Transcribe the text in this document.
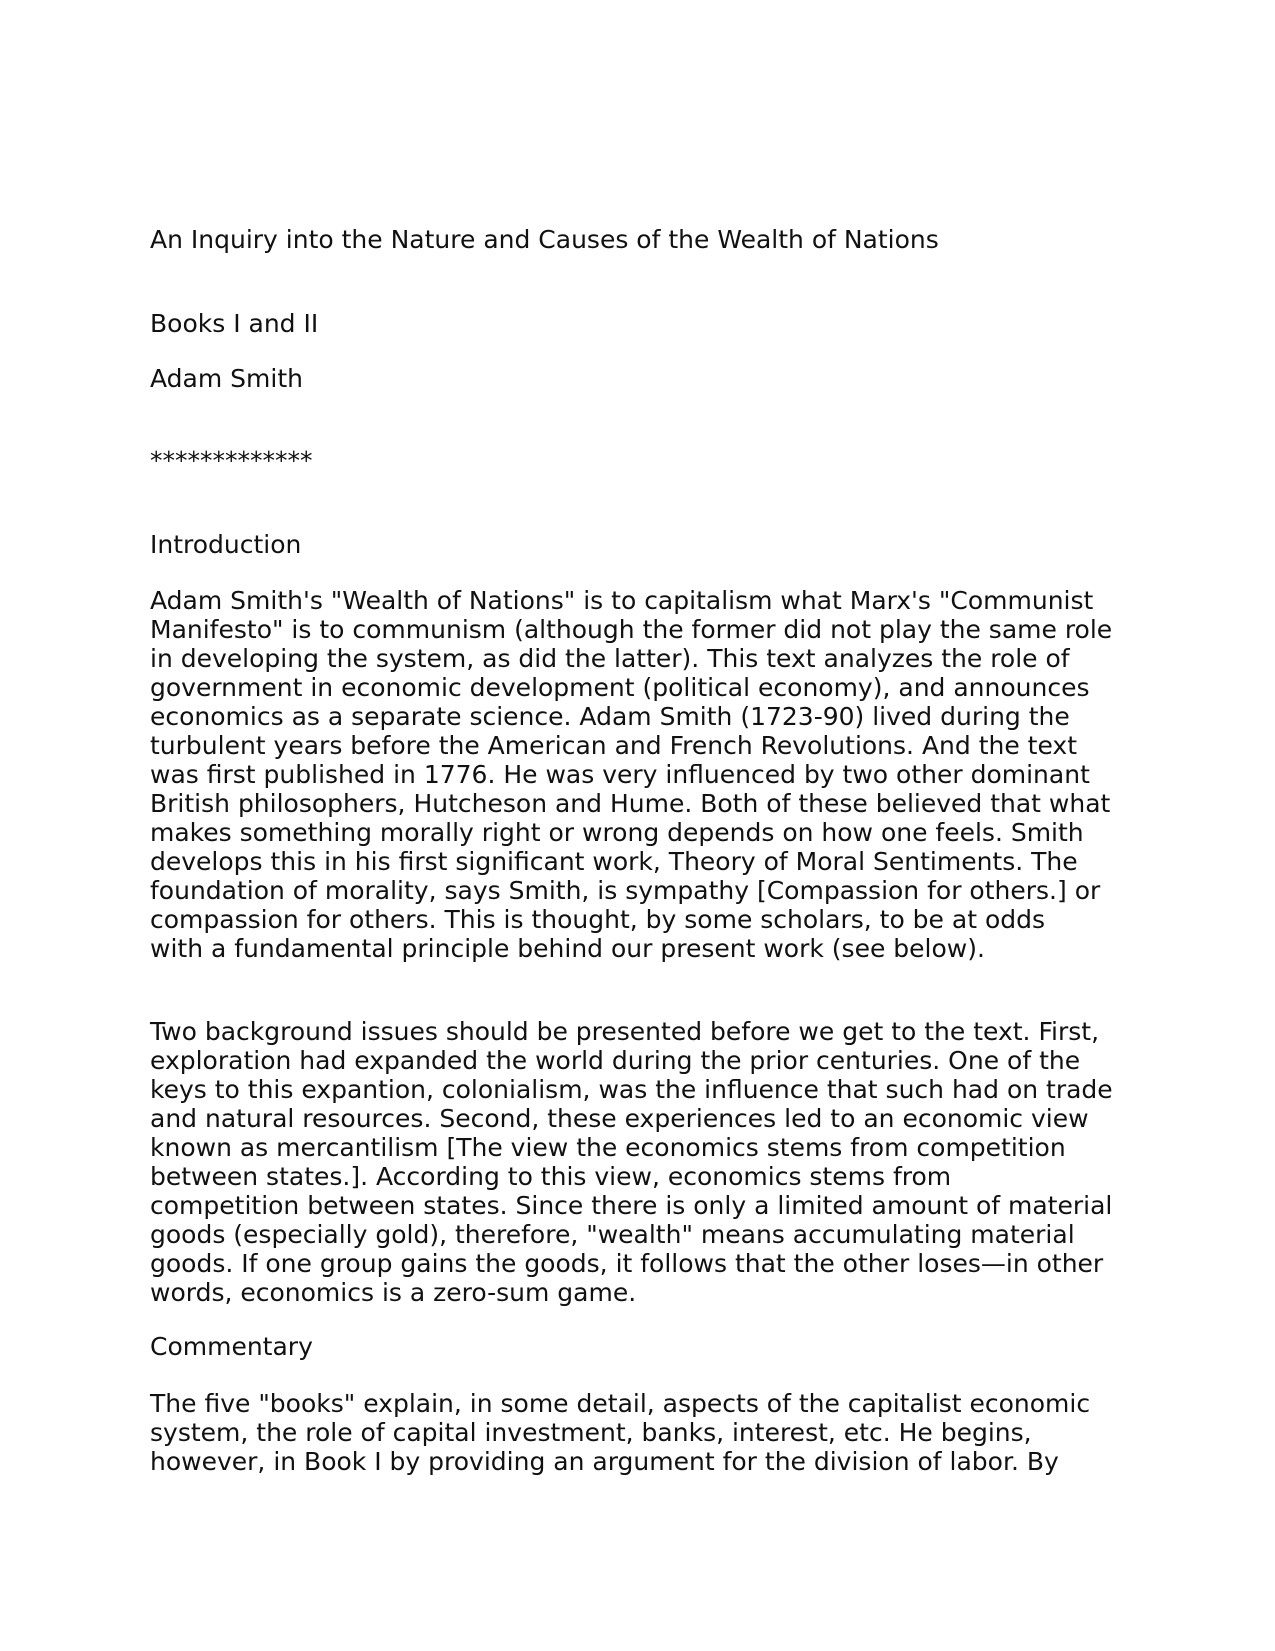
An Inquiry into the Nature and Causes of the Wealth of Nations
Books I and II
Adam Smith
*************
Introduction

Adam Smith's "Wealth of Nations" is to capitalism what Marx's "Communist
Manifesto" is to communism (although the former did not play the same role
in developing the system, as did the latter). This text analyzes the role of
government in economic development (political economy), and announces
economics as a separate science. Adam Smith (1723-90) lived during the
turbulent years before the American and French Revolutions. And the text
was first published in 1776. He was very influenced by two other dominant
British philosophers, Hutcheson and Hume. Both of these believed that what
makes something morally right or wrong depends on how one feels. Smith
develops this in his first significant work, Theory of Moral Sentiments. The
foundation of morality, says Smith, is sympathy [Compassion for others.] or
compassion for others. This is thought, by some scholars, to be at odds
with a fundamental principle behind our present work (see below).

Two background issues should be presented before we get to the text. First,
exploration had expanded the world during the prior centuries. One of the
keys to this expantion, colonialism, was the influence that such had on trade
and natural resources. Second, these experiences led to an economic view
known as mercantilism [The view the economics stems from competition
between states.]. According to this view, economics stems from
competition between states. Since there is only a limited amount of material
goods (especially gold), therefore, "wealth" means accumulating material
goods. If one group gains the goods, it follows that the other loses—in other
words, economics is a zero-sum game.

Commentary

The five "books" explain, in some detail, aspects of the capitalist economic
system, the role of capital investment, banks, interest, etc. He begins,
however, in Book I by providing an argument for the division of labor. By
